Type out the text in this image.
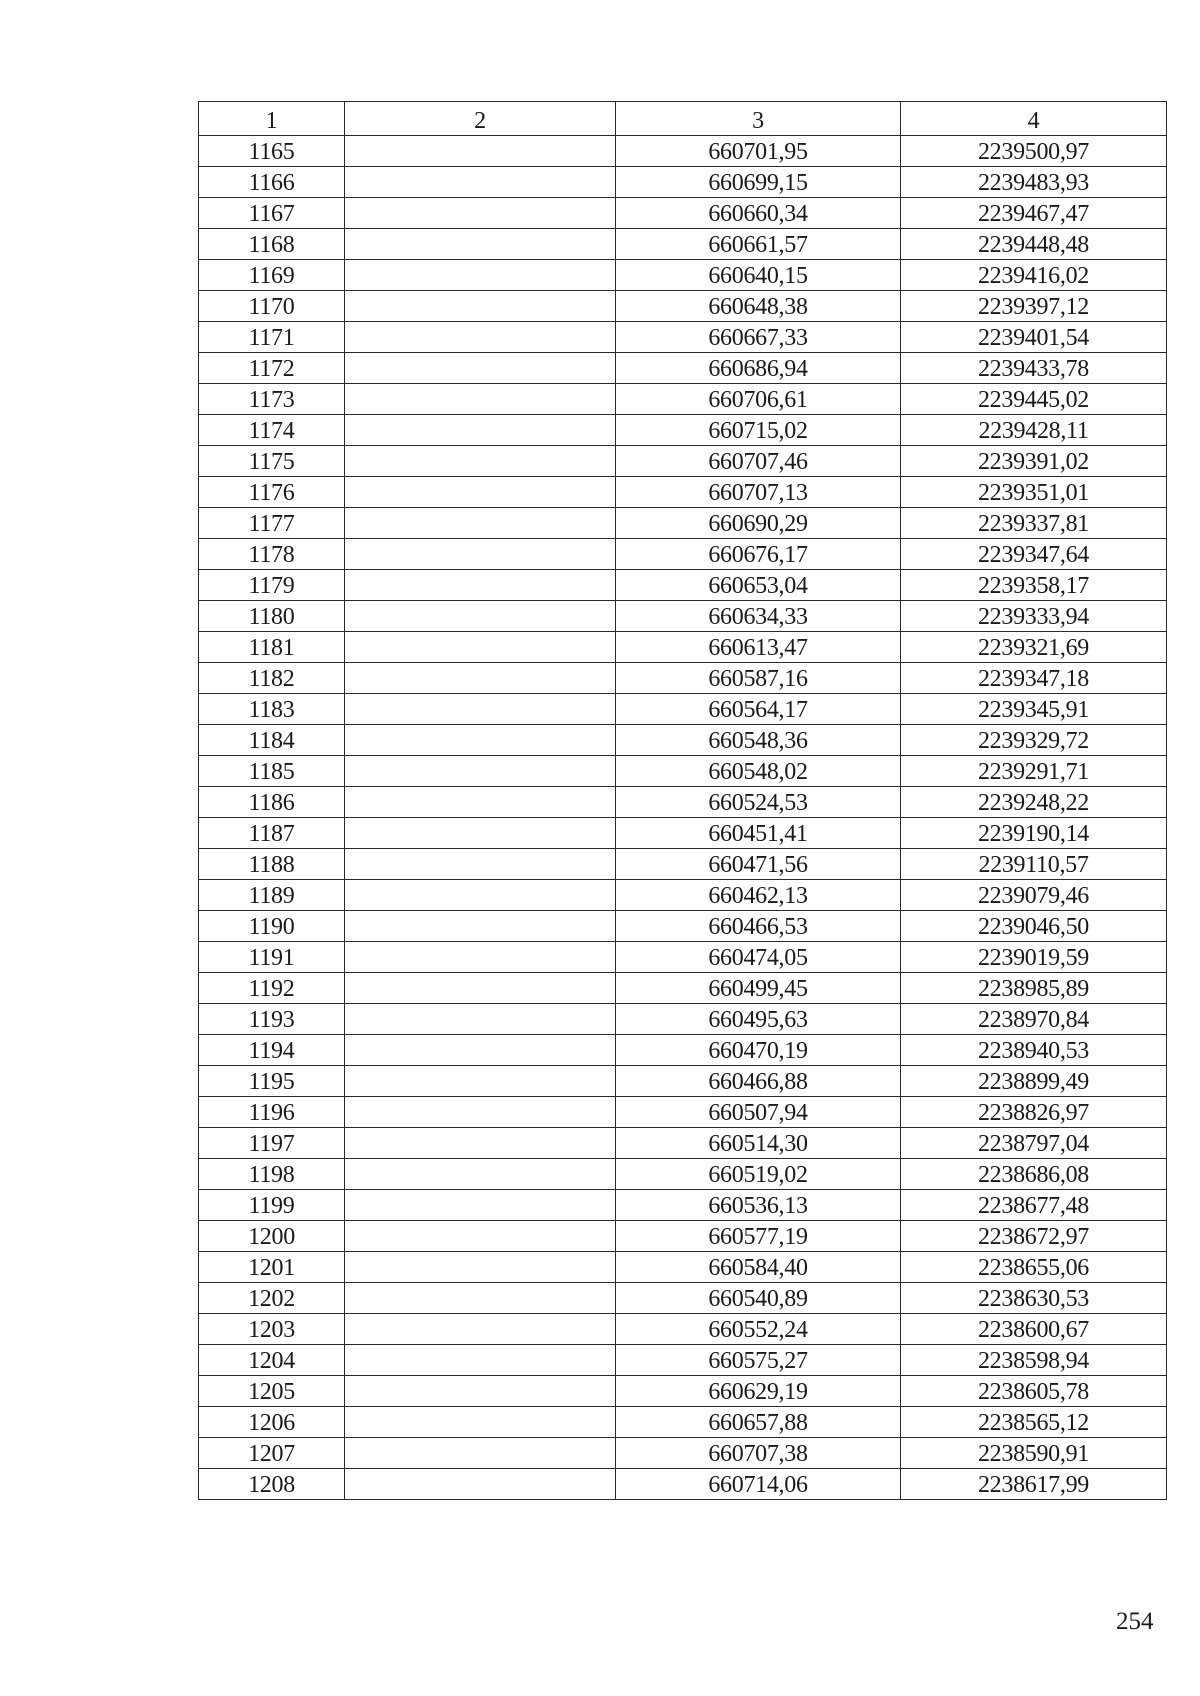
1	2	3	4
1165		660701,95	2239500,97
1166		660699,15	2239483,93
1167		660660,34	2239467,47
1168		660661,57	2239448,48
1169		660640,15	2239416,02
1170		660648,38	2239397,12
1171		660667,33	2239401,54
1172		660686,94	2239433,78
1173		660706,61	2239445,02
1174		660715,02	2239428,11
1175		660707,46	2239391,02
1176		660707,13	2239351,01
1177		660690,29	2239337,81
1178		660676,17	2239347,64
1179		660653,04	2239358,17
1180		660634,33	2239333,94
1181		660613,47	2239321,69
1182		660587,16	2239347,18
1183		660564,17	2239345,91
1184		660548,36	2239329,72
1185		660548,02	2239291,71
1186		660524,53	2239248,22
1187		660451,41	2239190,14
1188		660471,56	2239110,57
1189		660462,13	2239079,46
1190		660466,53	2239046,50
1191		660474,05	2239019,59
1192		660499,45	2238985,89
1193		660495,63	2238970,84
1194		660470,19	2238940,53
1195		660466,88	2238899,49
1196		660507,94	2238826,97
1197		660514,30	2238797,04
1198		660519,02	2238686,08
1199		660536,13	2238677,48
1200		660577,19	2238672,97
1201		660584,40	2238655,06
1202		660540,89	2238630,53
1203		660552,24	2238600,67
1204		660575,27	2238598,94
1205		660629,19	2238605,78
1206		660657,88	2238565,12
1207		660707,38	2238590,91
1208		660714,06	2238617,99
254
